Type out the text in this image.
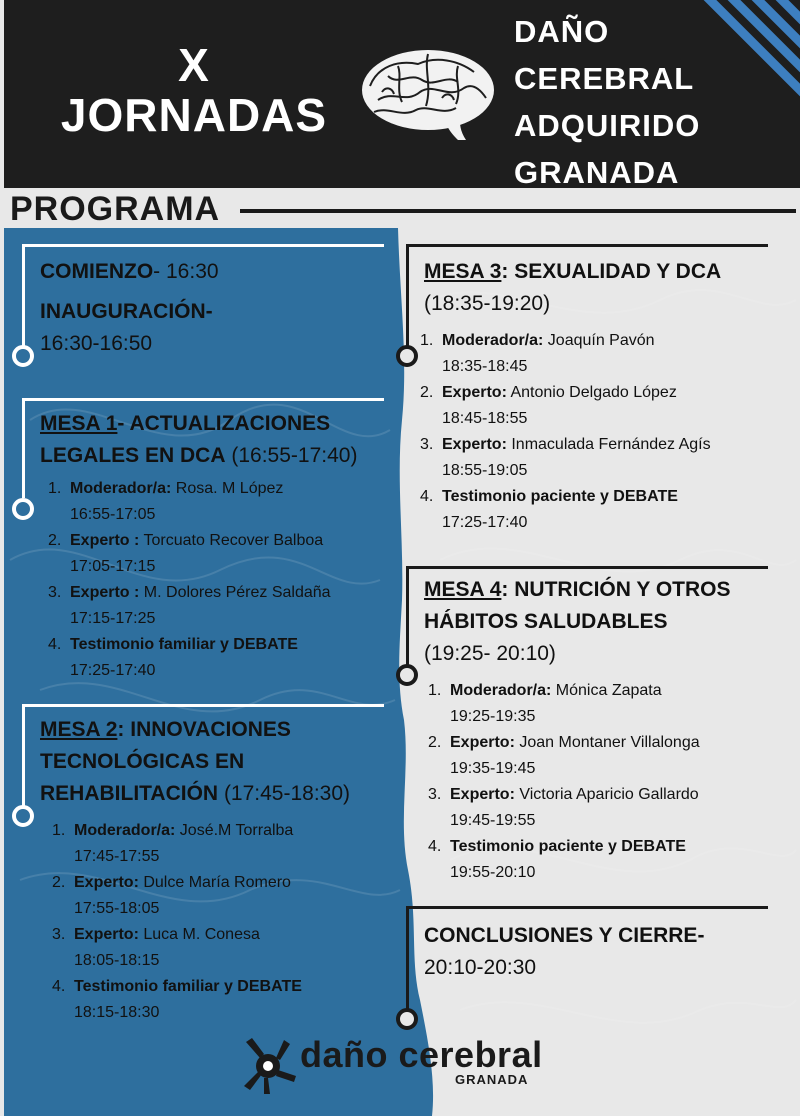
X
JORNADAS
DAÑO
CEREBRAL
ADQUIRIDO
GRANADA
PROGRAMA
COMIENZO- 16:30
INAUGURACIÓN-
16:30-16:50
MESA 1- ACTUALIZACIONES
LEGALES EN DCA (16:55-17:40)
1. Moderador/a: Rosa. M López
16:55-17:05
2. Experto : Torcuato Recover Balboa
17:05-17:15
3. Experto : M. Dolores Pérez Saldaña
17:15-17:25
4. Testimonio familiar y DEBATE
17:25-17:40
MESA 2: INNOVACIONES
TECNOLÓGICAS EN
REHABILITACIÓN (17:45-18:30)
1. Moderador/a: José.M Torralba
17:45-17:55
2. Experto: Dulce María Romero
17:55-18:05
3. Experto: Luca M. Conesa
18:05-18:15
4. Testimonio familiar y DEBATE
18:15-18:30
MESA 3: SEXUALIDAD Y DCA
(18:35-19:20)
1. Moderador/a: Joaquín Pavón
18:35-18:45
2. Experto: Antonio Delgado López
18:45-18:55
3. Experto: Inmaculada Fernández Agís
18:55-19:05
4. Testimonio paciente y DEBATE
17:25-17:40
MESA 4: NUTRICIÓN Y OTROS
HÁBITOS SALUDABLES
(19:25- 20:10)
1. Moderador/a: Mónica Zapata
19:25-19:35
2. Experto: Joan Montaner Villalonga
19:35-19:45
3. Experto: Victoria Aparicio Gallardo
19:45-19:55
4. Testimonio paciente y DEBATE
19:55-20:10
CONCLUSIONES Y CIERRE-
20:10-20:30
daño cerebral
GRANADA
